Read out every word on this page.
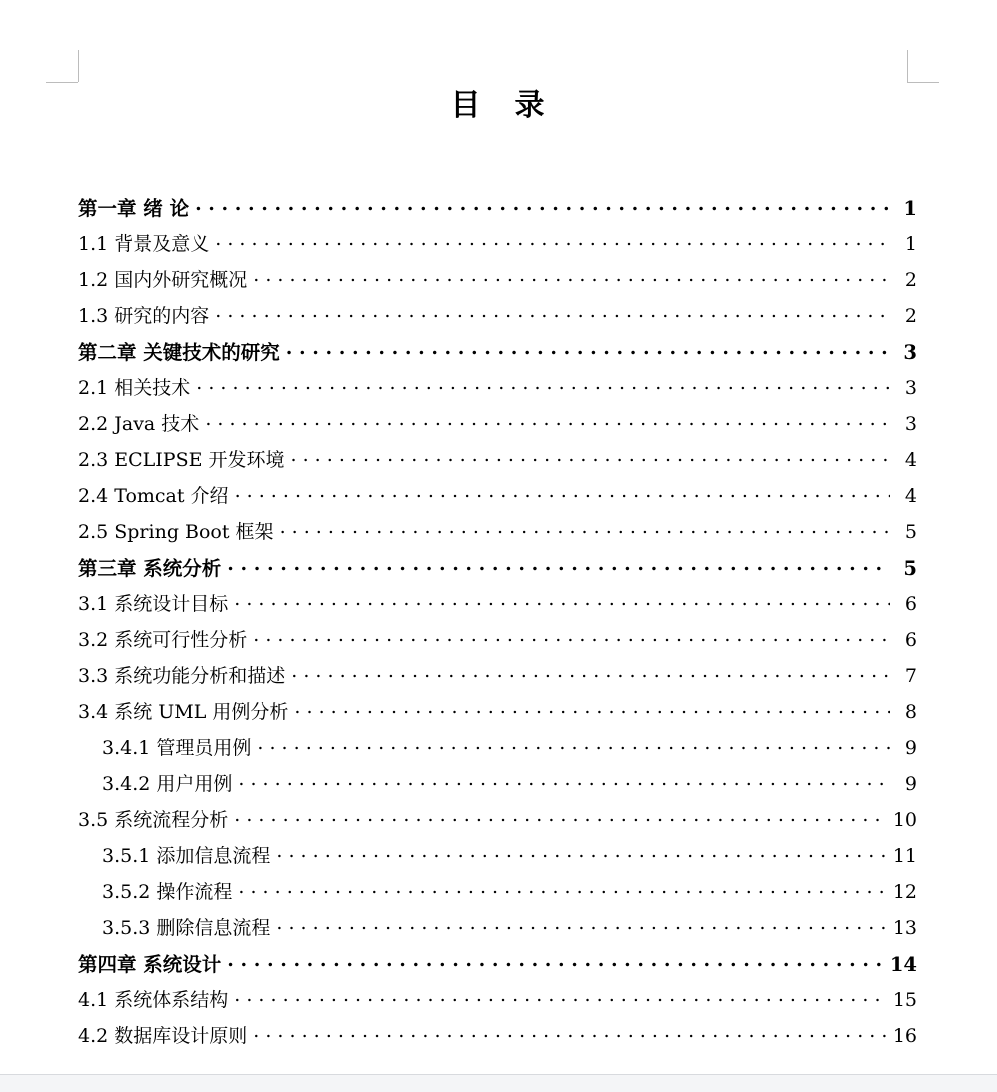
目　录
第一章 绪 论 . . .	1
1.1 背景及意义 . . .	1
1.2 国内外研究概况 . . .	2
1.3 研究的内容 . . .	2
第二章 关键技术的研究 . . .	3
2.1 相关技术 . . .	3
2.2 Java 技术 . . .	3
2.3 ECLIPSE 开发环境 . . .	4
2.4 Tomcat 介绍 . . .	4
2.5 Spring Boot 框架 . . .	5
第三章 系统分析 . . .	5
3.1 系统设计目标 . . .	6
3.2 系统可行性分析 . . .	6
3.3 系统功能分析和描述 . . .	7
3.4 系统 UML 用例分析 . . .	8
3.4.1 管理员用例 . . .	9
3.4.2 用户用例 . . .	9
3.5 系统流程分析 . . .	10
3.5.1 添加信息流程 . . .	11
3.5.2 操作流程 . . .	12
3.5.3 删除信息流程 . . .	13
第四章 系统设计 . . .	14
4.1 系统体系结构 . . .	15
4.2 数据库设计原则 . . .	16
